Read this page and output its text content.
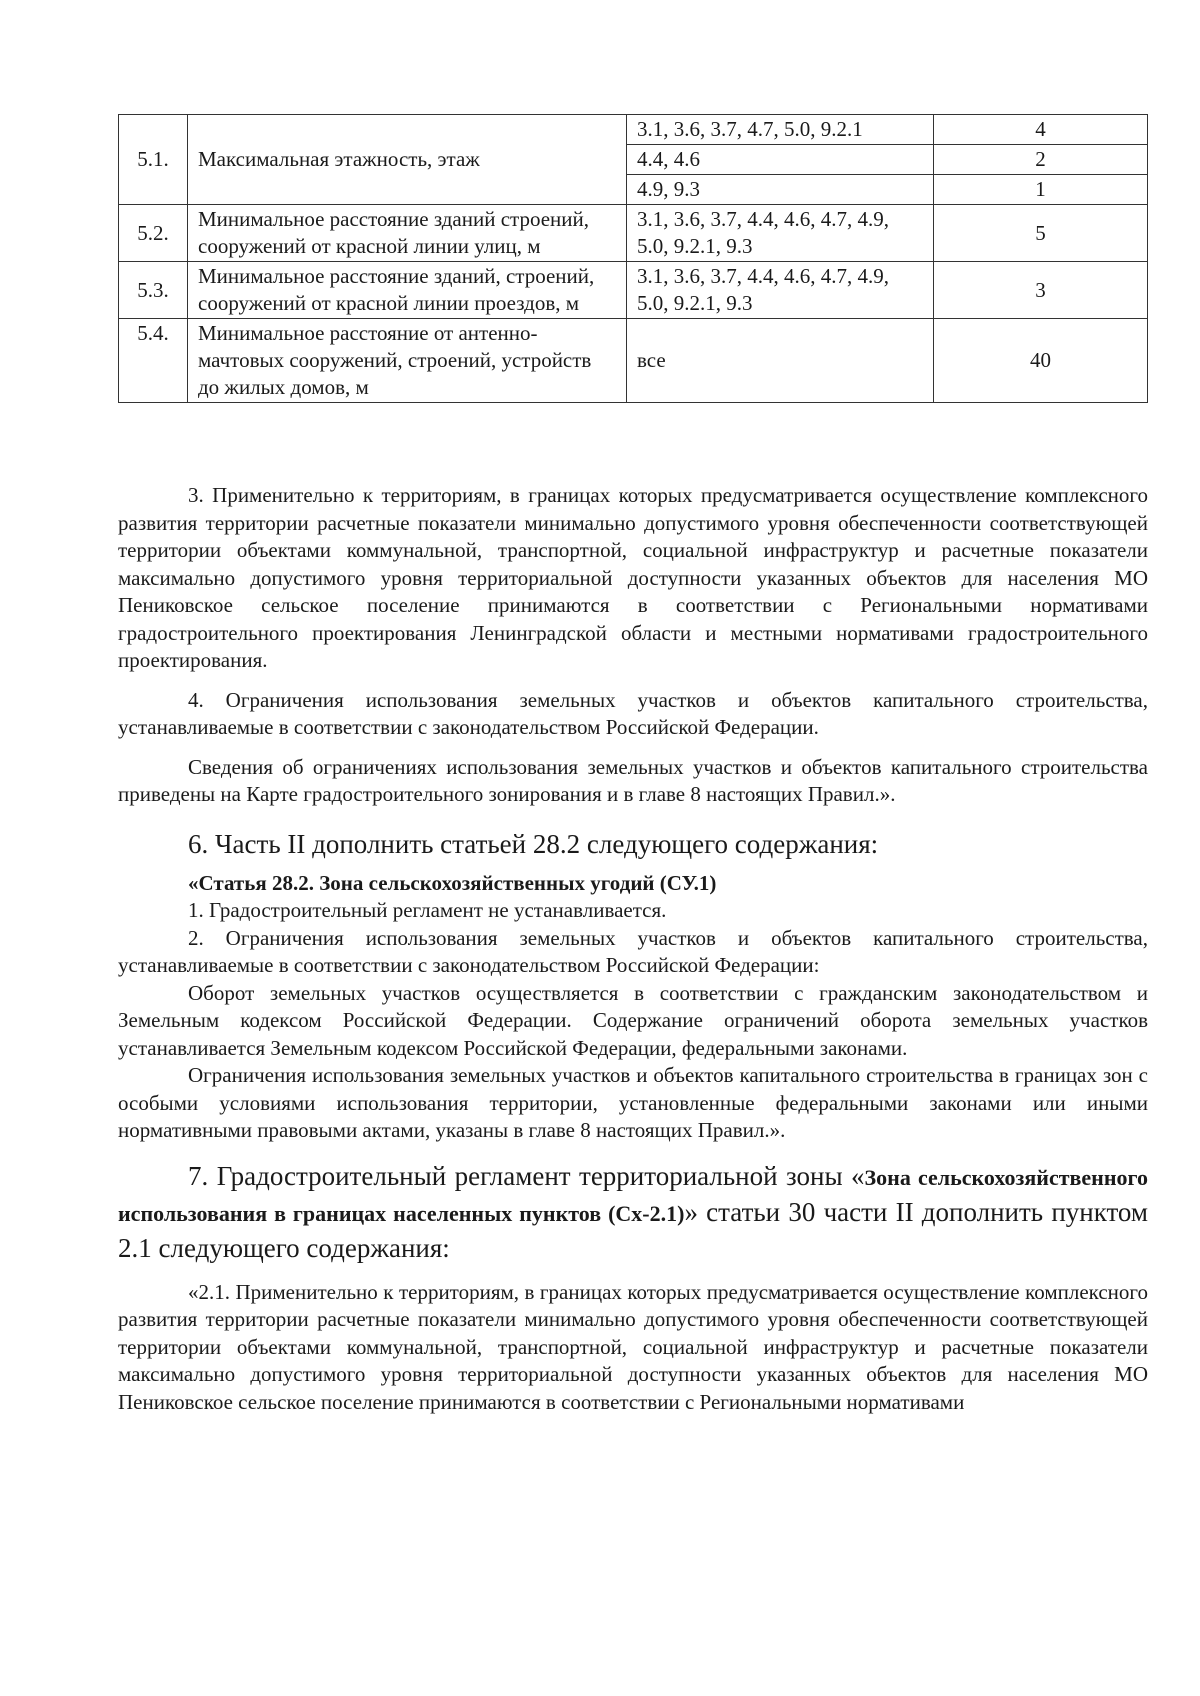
5.1.	Максимальная этажность, этаж	3.1, 3.6, 3.7, 4.7, 5.0, 9.2.1	4
		4.4, 4.6	2
		4.9, 9.3	1
5.2.	Минимальное расстояние зданий строений, сооружений от красной линии улиц, м	3.1, 3.6, 3.7, 4.4, 4.6, 4.7, 4.9, 5.0, 9.2.1, 9.3	5
5.3.	Минимальное расстояние зданий, строений, сооружений от красной линии проездов, м	3.1, 3.6, 3.7, 4.4, 4.6, 4.7, 4.9, 5.0, 9.2.1, 9.3	3
5.4.	Минимальное расстояние от антенно-мачтовых сооружений, строений, устройств до жилых домов, м	все	40

3. Применительно к территориям, в границах которых предусматривается осуществление комплексного развития территории расчетные показатели минимально допустимого уровня обеспеченности соответствующей территории объектами коммунальной, транспортной, социальной инфраструктур и расчетные показатели максимально допустимого уровня территориальной доступности указанных объектов для населения МО Пениковское сельское поселение принимаются в соответствии с Региональными нормативами градостроительного проектирования Ленинградской области и местными нормативами градостроительного проектирования.

4. Ограничения использования земельных участков и объектов капитального строительства, устанавливаемые в соответствии с законодательством Российской Федерации.

Сведения об ограничениях использования земельных участков и объектов капитального строительства приведены на Карте градостроительного зонирования и в главе 8 настоящих Правил.».

6. Часть II дополнить статьей 28.2 следующего содержания:

«Статья 28.2. Зона сельскохозяйственных угодий (СУ.1)

1. Градостроительный регламент не устанавливается.

2. Ограничения использования земельных участков и объектов капитального строительства, устанавливаемые в соответствии с законодательством Российской Федерации:

Оборот земельных участков осуществляется в соответствии с гражданским законодательством и Земельным кодексом Российской Федерации. Содержание ограничений оборота земельных участков устанавливается Земельным кодексом Российской Федерации, федеральными законами.

Ограничения использования земельных участков и объектов капитального строительства в границах зон с особыми условиями использования территории, установленные федеральными законами или иными нормативными правовыми актами, указаны в главе 8 настоящих Правил.».

7. Градостроительный регламент территориальной зоны «Зона сельскохозяйственного использования в границах населенных пунктов (Сх-2.1)» статьи 30 части II дополнить пунктом 2.1 следующего содержания:

«2.1. Применительно к территориям, в границах которых предусматривается осуществление комплексного развития территории расчетные показатели минимально допустимого уровня обеспеченности соответствующей территории объектами коммунальной, транспортной, социальной инфраструктур и расчетные показатели максимально допустимого уровня территориальной доступности указанных объектов для населения МО Пениковское сельское поселение принимаются в соответствии с Региональными нормативами
